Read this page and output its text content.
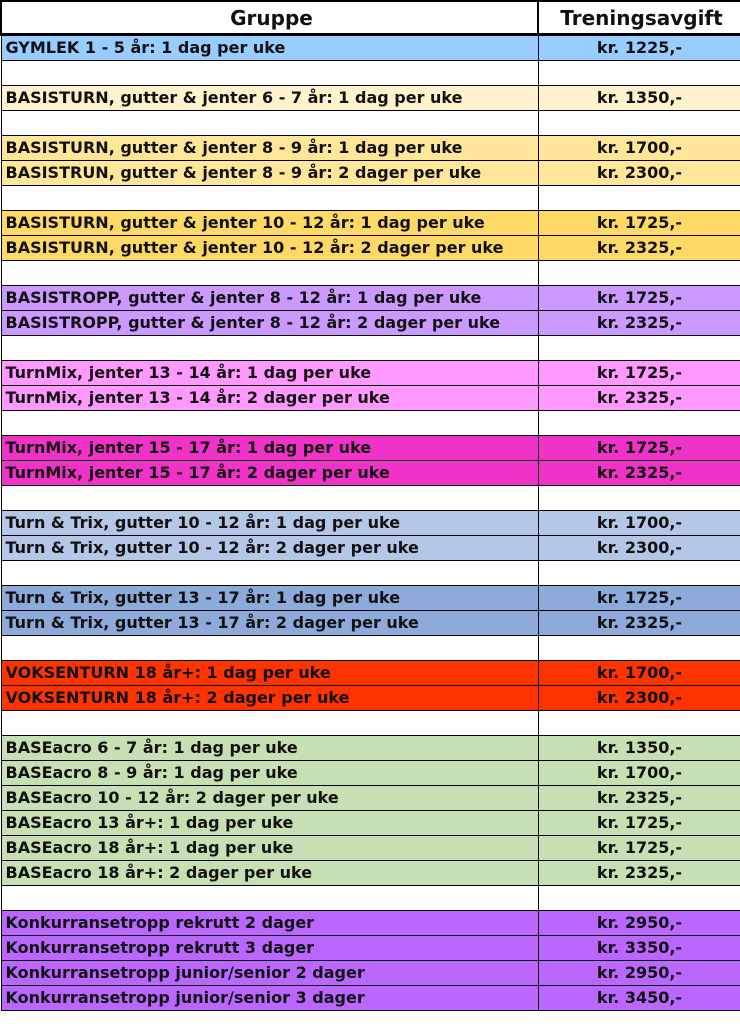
Gruppe	Treningsavgift
GYMLEK 1 - 5 år: 1 dag per uke	kr. 1225,-

BASISTURN, gutter & jenter 6 - 7 år: 1 dag per uke	kr. 1350,-

BASISTURN, gutter & jenter 8 - 9 år: 1 dag per uke	kr. 1700,-
BASISTRUN, gutter & jenter 8 - 9 år: 2 dager per uke	kr. 2300,-

BASISTURN, gutter & jenter 10 - 12 år: 1 dag per uke	kr. 1725,-
BASISTURN, gutter & jenter 10 - 12 år: 2 dager per uke	kr. 2325,-

BASISTROPP, gutter & jenter 8 - 12 år: 1 dag per uke	kr. 1725,-
BASISTROPP, gutter & jenter 8 - 12 år: 2 dager per uke	kr. 2325,-

TurnMix, jenter 13 - 14 år: 1 dag per uke	kr. 1725,-
TurnMix, jenter 13 - 14 år: 2 dager per uke	kr. 2325,-

TurnMix, jenter 15 - 17 år: 1 dag per uke	kr. 1725,-
TurnMix, jenter 15 - 17 år: 2 dager per uke	kr. 2325,-

Turn & Trix, gutter 10 - 12 år: 1 dag per uke	kr. 1700,-
Turn & Trix, gutter 10 - 12 år: 2 dager per uke	kr. 2300,-

Turn & Trix, gutter 13 - 17 år: 1 dag per uke	kr. 1725,-
Turn & Trix, gutter 13 - 17 år: 2 dager per uke	kr. 2325,-

VOKSENTURN 18 år+: 1 dag per uke	kr. 1700,-
VOKSENTURN 18 år+: 2 dager per uke	kr. 2300,-

BASEacro 6 - 7 år: 1 dag per uke	kr. 1350,-
BASEacro 8 - 9 år: 1 dag per uke	kr. 1700,-
BASEacro 10 - 12 år: 2 dager per uke	kr. 2325,-
BASEacro 13 år+: 1 dag per uke	kr. 1725,-
BASEacro 18 år+: 1 dag per uke	kr. 1725,-
BASEacro 18 år+: 2 dager per uke	kr. 2325,-

Konkurransetropp rekrutt 2 dager	kr. 2950,-
Konkurransetropp rekrutt 3 dager	kr. 3350,-
Konkurransetropp junior/senior 2 dager	kr. 2950,-
Konkurransetropp junior/senior 3 dager	kr. 3450,-
